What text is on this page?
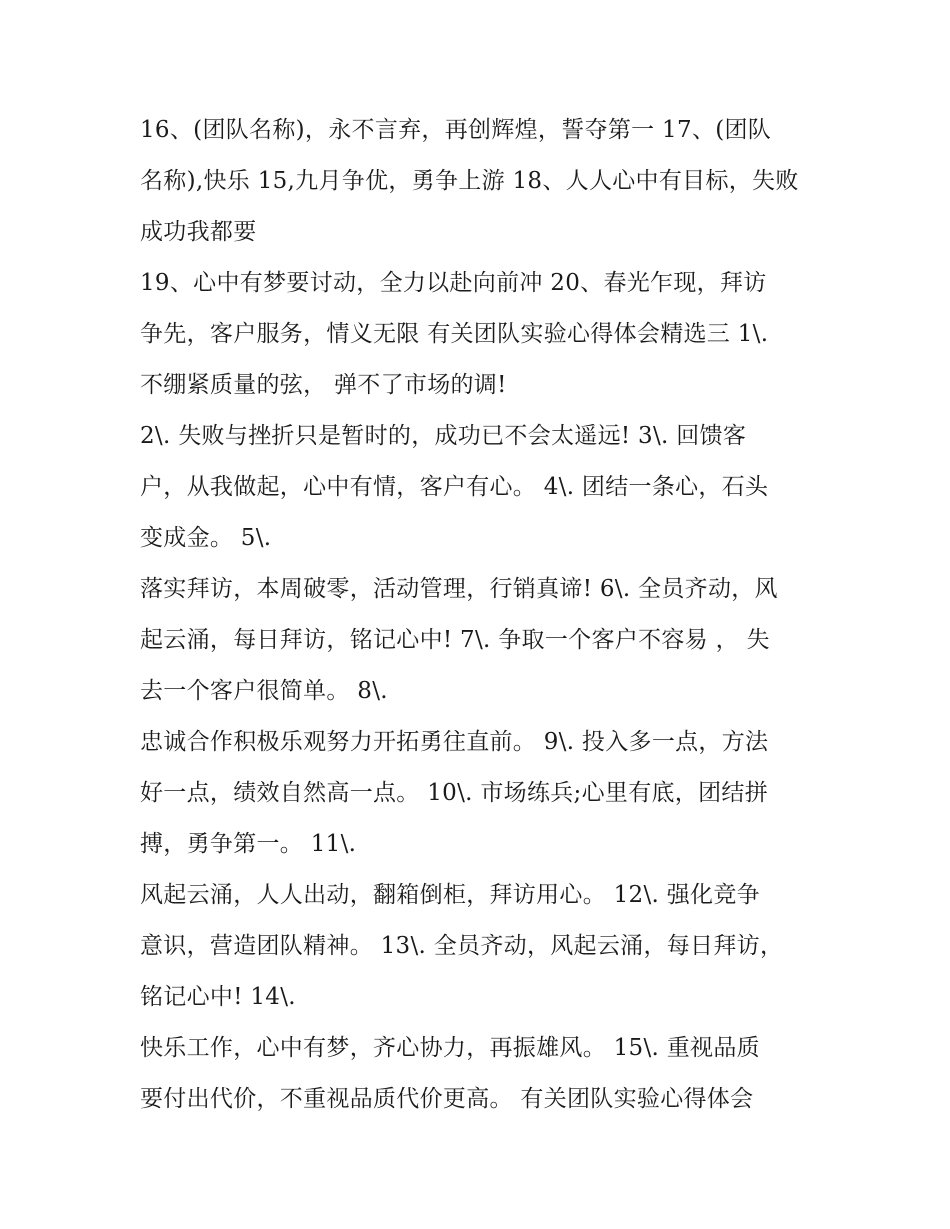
16、(团队名称)，永不言弃，再创辉煌，誓夺第一 17、(团队
名称),快乐 15,九月争优，勇争上游 18、人人心中有目标，失败
成功我都要
19、心中有梦要讨动，全力以赴向前冲 20、春光乍现，拜访
争先，客户服务，情义无限 有关团队实验心得体会精选三 1\.
不绷紧质量的弦， 弹不了市场的调!
2\. 失败与挫折只是暂时的，成功已不会太遥远! 3\. 回馈客
户，从我做起，心中有情，客户有心。 4\. 团结一条心，石头
变成金。 5\.
落实拜访，本周破零，活动管理，行销真谛! 6\. 全员齐动，风
起云涌，每日拜访，铭记心中! 7\. 争取一个客户不容易 ， 失
去一个客户很简单。 8\.
忠诚合作积极乐观努力开拓勇往直前。 9\. 投入多一点，方法
好一点，绩效自然高一点。 10\. 市场练兵;心里有底，团结拼
搏，勇争第一。 11\.
风起云涌，人人出动，翻箱倒柜，拜访用心。 12\. 强化竞争
意识，营造团队精神。 13\. 全员齐动，风起云涌，每日拜访，
铭记心中! 14\.
快乐工作，心中有梦，齐心协力，再振雄风。 15\. 重视品质
要付出代价，不重视品质代价更高。 有关团队实验心得体会
